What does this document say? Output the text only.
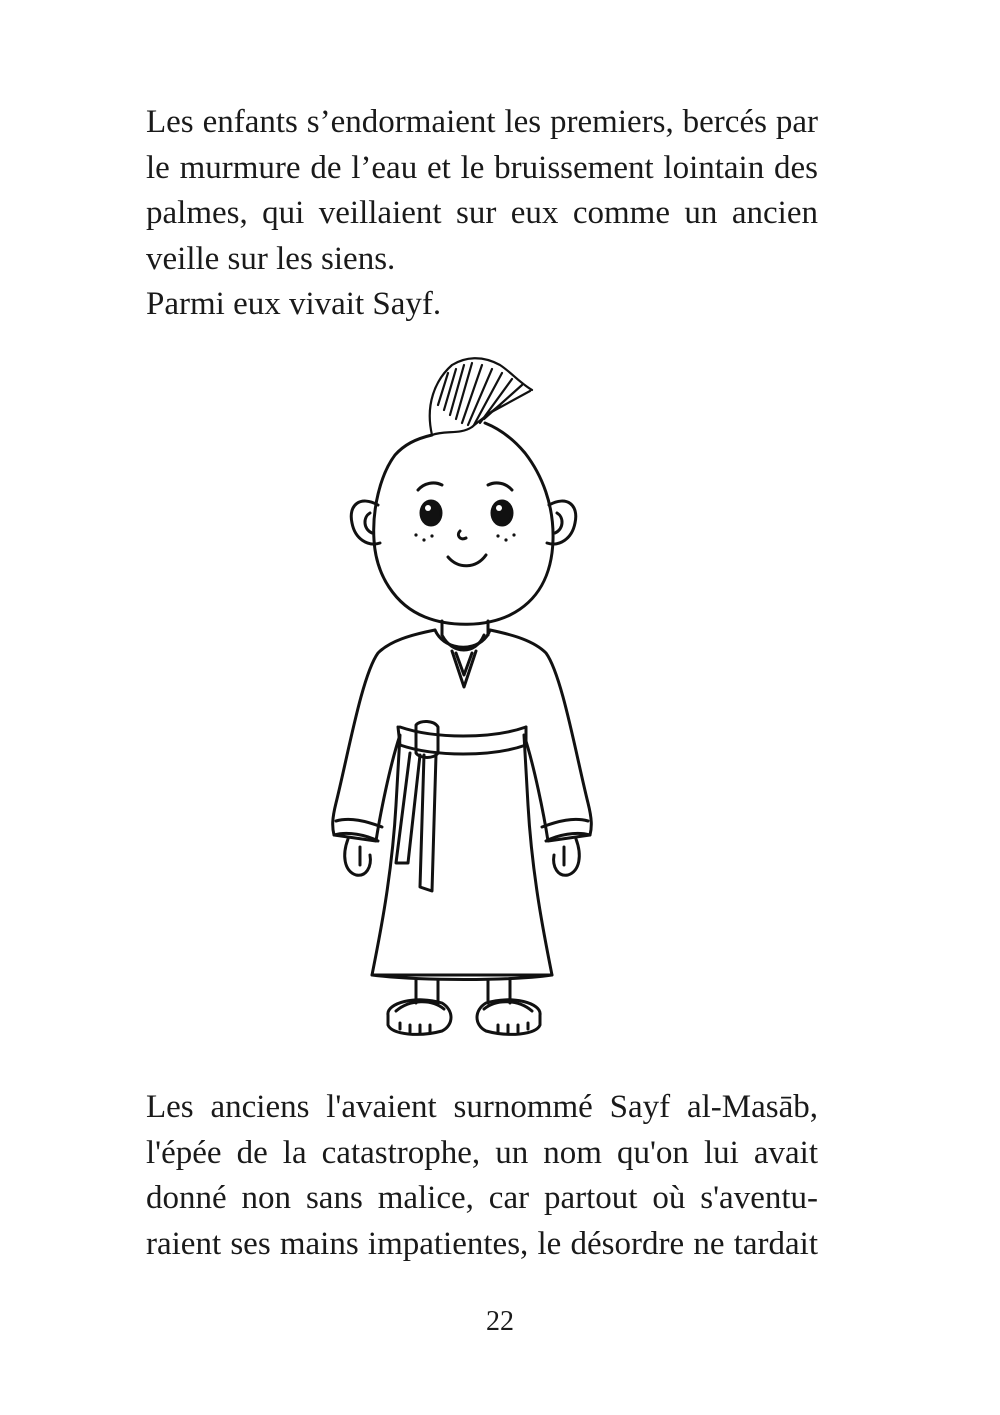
Les enfants s’endormaient les premiers, bercés par
le murmure de l’eau et le bruissement lointain des
palmes, qui veillaient sur eux comme un ancien
veille sur les siens.
Parmi eux vivait Sayf.
Les anciens l'avaient surnommé Sayf al-Masāb,
l'épée de la catastrophe, un nom qu'on lui avait
donné non sans malice, car partout où s'aventu-
raient ses mains impatientes, le désordre ne tardait
22
